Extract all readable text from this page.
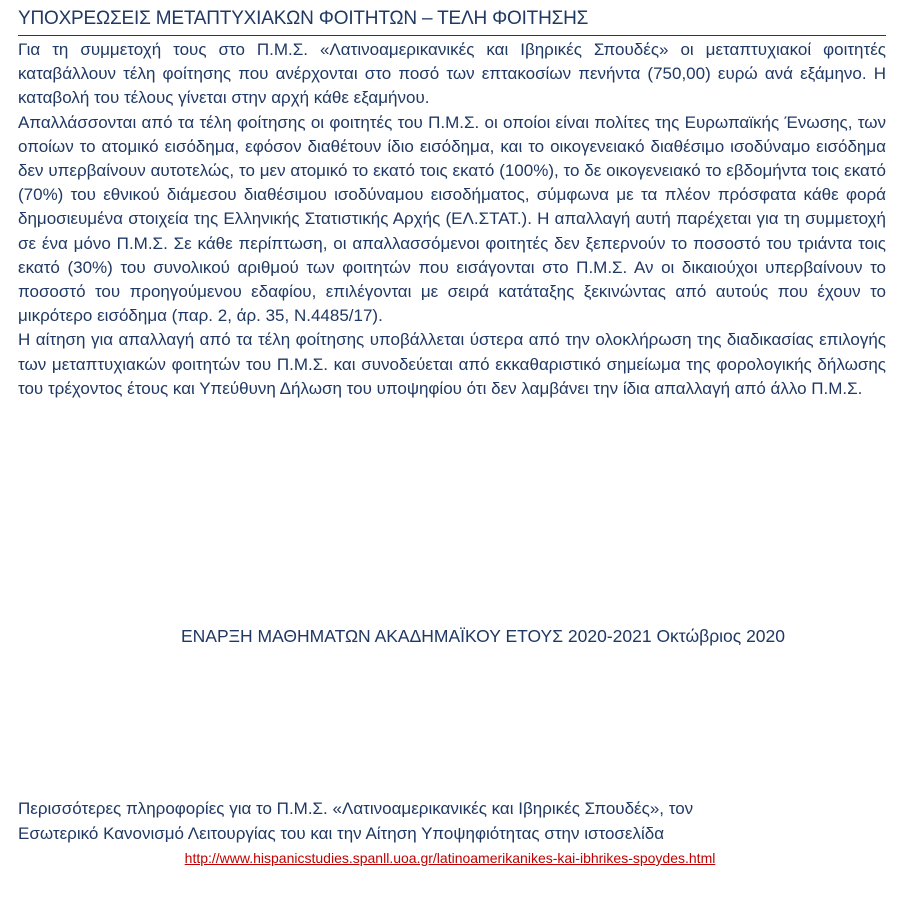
ΥΠΟΧΡΕΩΣΕΙΣ ΜΕΤΑΠΤΥΧΙΑΚΩΝ ΦΟΙΤΗΤΩΝ – ΤΕΛΗ ΦΟΙΤΗΣΗΣ

Για τη συμμετοχή τους στο Π.Μ.Σ. «Λατινοαμερικανικές και Ιβηρικές Σπουδές» οι μεταπτυχιακοί φοιτητές καταβάλλουν τέλη φοίτησης που ανέρχονται στο ποσό των επτακοσίων πενήντα (750,00) ευρώ ανά εξάμηνο. Η καταβολή του τέλους γίνεται στην αρχή κάθε εξαμήνου.

Απαλλάσσονται από τα τέλη φοίτησης οι φοιτητές του Π.Μ.Σ. οι οποίοι είναι πολίτες της Ευρωπαϊκής Ένωσης, των οποίων το ατομικό εισόδημα, εφόσον διαθέτουν ίδιο εισόδημα, και το οικογενειακό διαθέσιμο ισοδύναμο εισόδημα δεν υπερβαίνουν αυτοτελώς, το μεν ατομικό το εκατό τοις εκατό (100%), το δε οικογενειακό το εβδομήντα τοις εκατό (70%) του εθνικού διάμεσου διαθέσιμου ισοδύναμου εισοδήματος, σύμφωνα με τα πλέον πρόσφατα κάθε φορά δημοσιευμένα στοιχεία της Ελληνικής Στατιστικής Αρχής (ΕΛ.ΣΤΑΤ.). Η απαλλαγή αυτή παρέχεται για τη συμμετοχή σε ένα μόνο Π.Μ.Σ. Σε κάθε περίπτωση, οι απαλλασσόμενοι φοιτητές δεν ξεπερνούν το ποσοστό του τριάντα τοις εκατό (30%) του συνολικού αριθμού των φοιτητών που εισάγονται στο Π.Μ.Σ. Αν οι δικαιούχοι υπερβαίνουν το ποσοστό του προηγούμενου εδαφίου, επιλέγονται με σειρά κατάταξης ξεκινώντας από αυτούς που έχουν το μικρότερο εισόδημα (παρ. 2, άρ. 35, Ν.4485/17).

Η αίτηση για απαλλαγή από τα τέλη φοίτησης υποβάλλεται ύστερα από την ολοκλήρωση της διαδικασίας επιλογής των μεταπτυχιακών φοιτητών του Π.Μ.Σ. και συνοδεύεται από εκκαθαριστικό σημείωμα της φορολογικής δήλωσης του τρέχοντος έτους και Υπεύθυνη Δήλωση του υποψηφίου ότι δεν λαμβάνει την ίδια απαλλαγή από άλλο Π.Μ.Σ.

ΕΝΑΡΞΗ ΜΑΘΗΜΑΤΩΝ ΑΚΑΔΗΜΑΪΚΟΥ ΕΤΟΥΣ 2020-2021 Οκτώβριος 2020

Περισσότερες πληροφορίες για το Π.Μ.Σ. «Λατινοαμερικανικές και Ιβηρικές Σπουδές», τον

Εσωτερικό Κανονισμό Λειτουργίας του και την Αίτηση Υποψηφιότητας στην ιστοσελίδα

http://www.hispanicstudies.spanll.uoa.gr/latinoamerikanikes-kai-ibhrikes-spoydes.html
